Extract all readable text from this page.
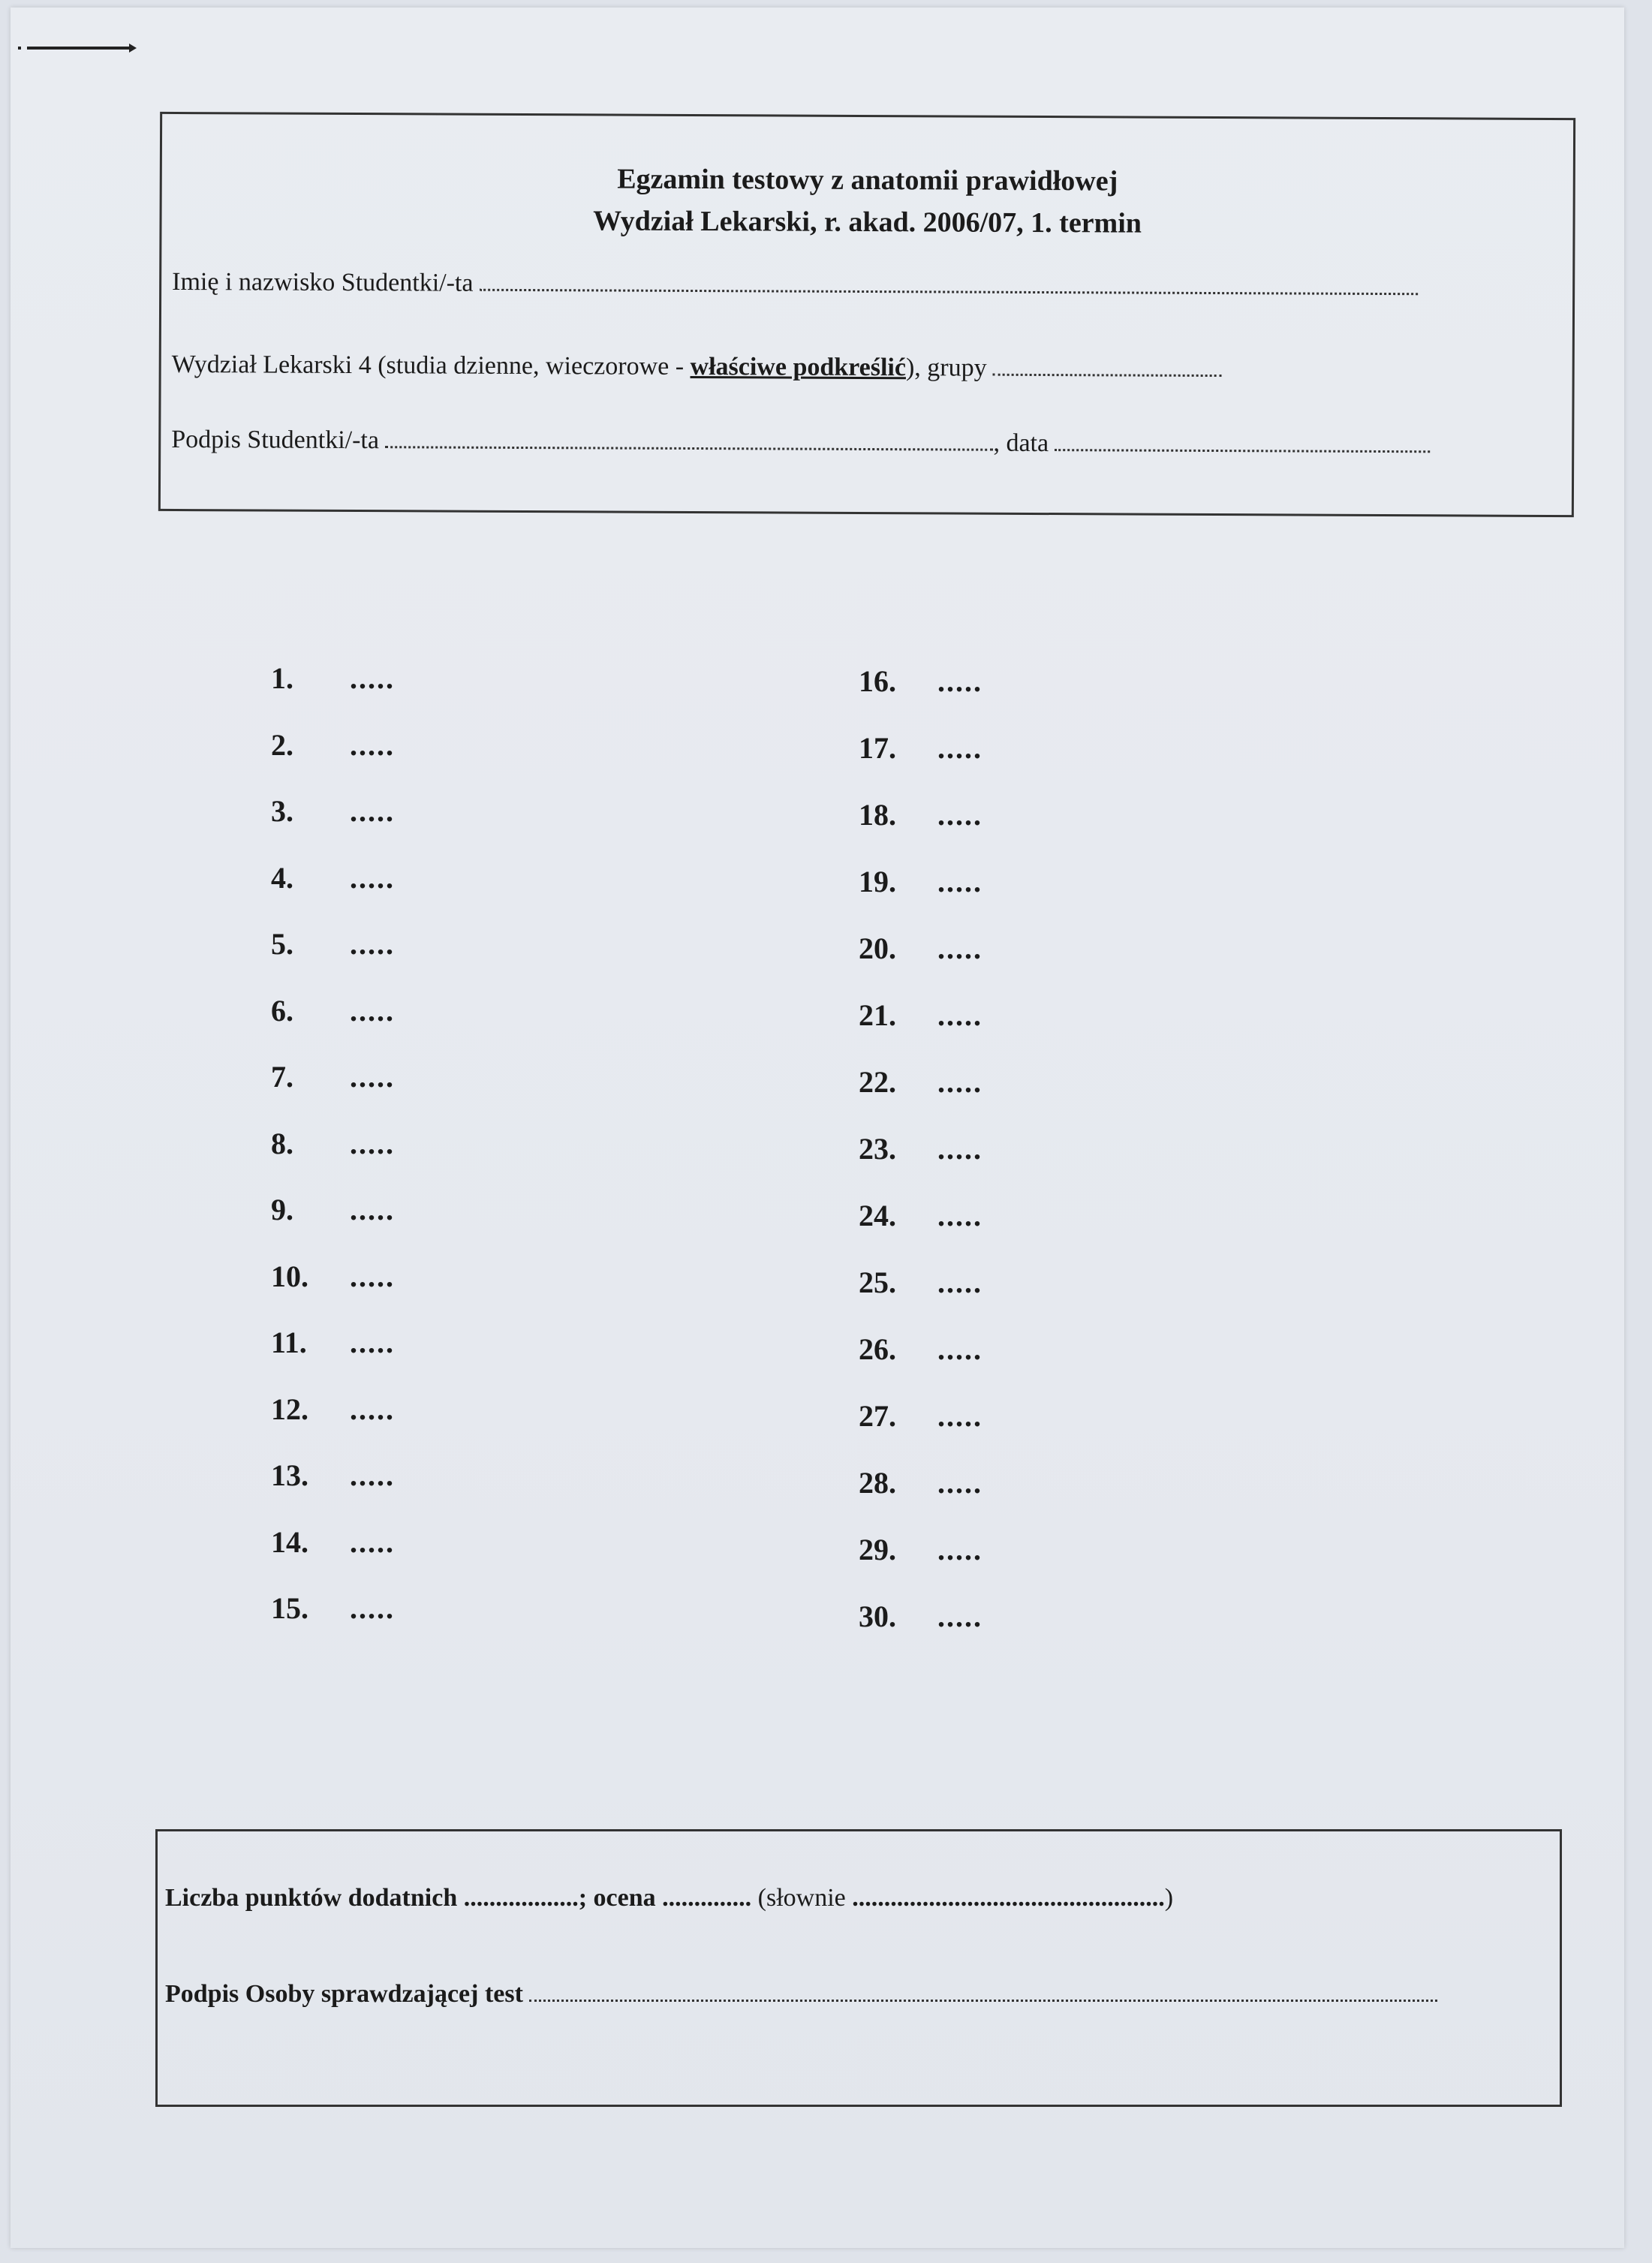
Egzamin testowy z anatomii prawidłowej
Wydział Lekarski, r. akad. 2006/07, 1. termin
Imię i nazwisko Studentki/-ta
Wydział Lekarski 4 (studia dzienne, wieczorowe - właściwe podkreślić), grupy
Podpis Studentki/-ta	, data
1. .....
2. .....
3. .....
4. .....
5. .....
6. .....
7. .....
8. .....
9. .....
10. .....
11. .....
12. .....
13. .....
14. .....
15. .....
16. .....
17. .....
18. .....
19. .....
20. .....
21. .....
22. .....
23. .....
24. .....
25. .....
26. .....
27. .....
28. .....
29. .....
30. .....
Liczba punktów dodatnich ..................; ocena .............. (słownie .................................................)
Podpis Osoby sprawdzającej test
